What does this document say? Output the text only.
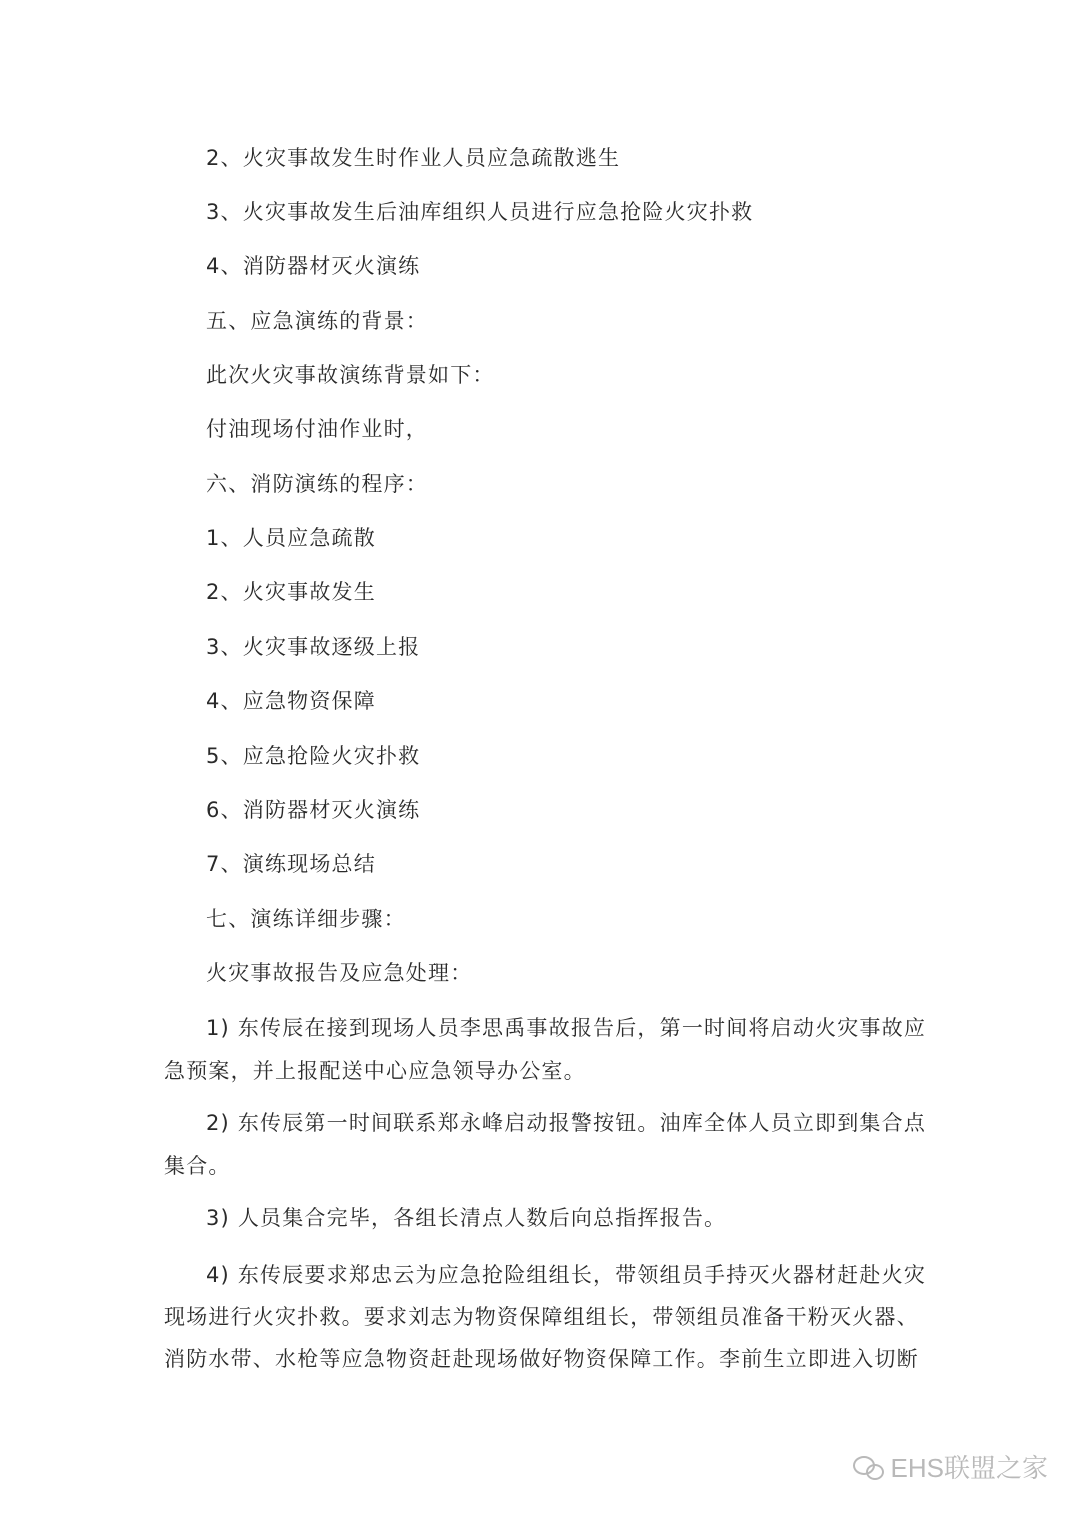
2、火灾事故发生时作业人员应急疏散逃生
3、火灾事故发生后油库组织人员进行应急抢险火灾扑救
4、消防器材灭火演练
五、应急演练的背景：
此次火灾事故演练背景如下：
付油现场付油作业时，
六、消防演练的程序：
1、人员应急疏散
2、火灾事故发生
3、火灾事故逐级上报
4、应急物资保障
5、应急抢险火灾扑救
6、消防器材灭火演练
7、演练现场总结
七、演练详细步骤：
火灾事故报告及应急处理：
1) 东传辰在接到现场人员李思禹事故报告后，第一时间将启动火灾事故应
急预案，并上报配送中心应急领导办公室。
2) 东传辰第一时间联系郑永峰启动报警按钮。油库全体人员立即到集合点
集合。
3) 人员集合完毕，各组长清点人数后向总指挥报告。
4) 东传辰要求郑忠云为应急抢险组组长，带领组员手持灭火器材赶赴火灾
现场进行火灾扑救。要求刘志为物资保障组组长，带领组员准备干粉灭火器、
消防水带、水枪等应急物资赶赴现场做好物资保障工作。李前生立即进入切断
EHS联盟之家
